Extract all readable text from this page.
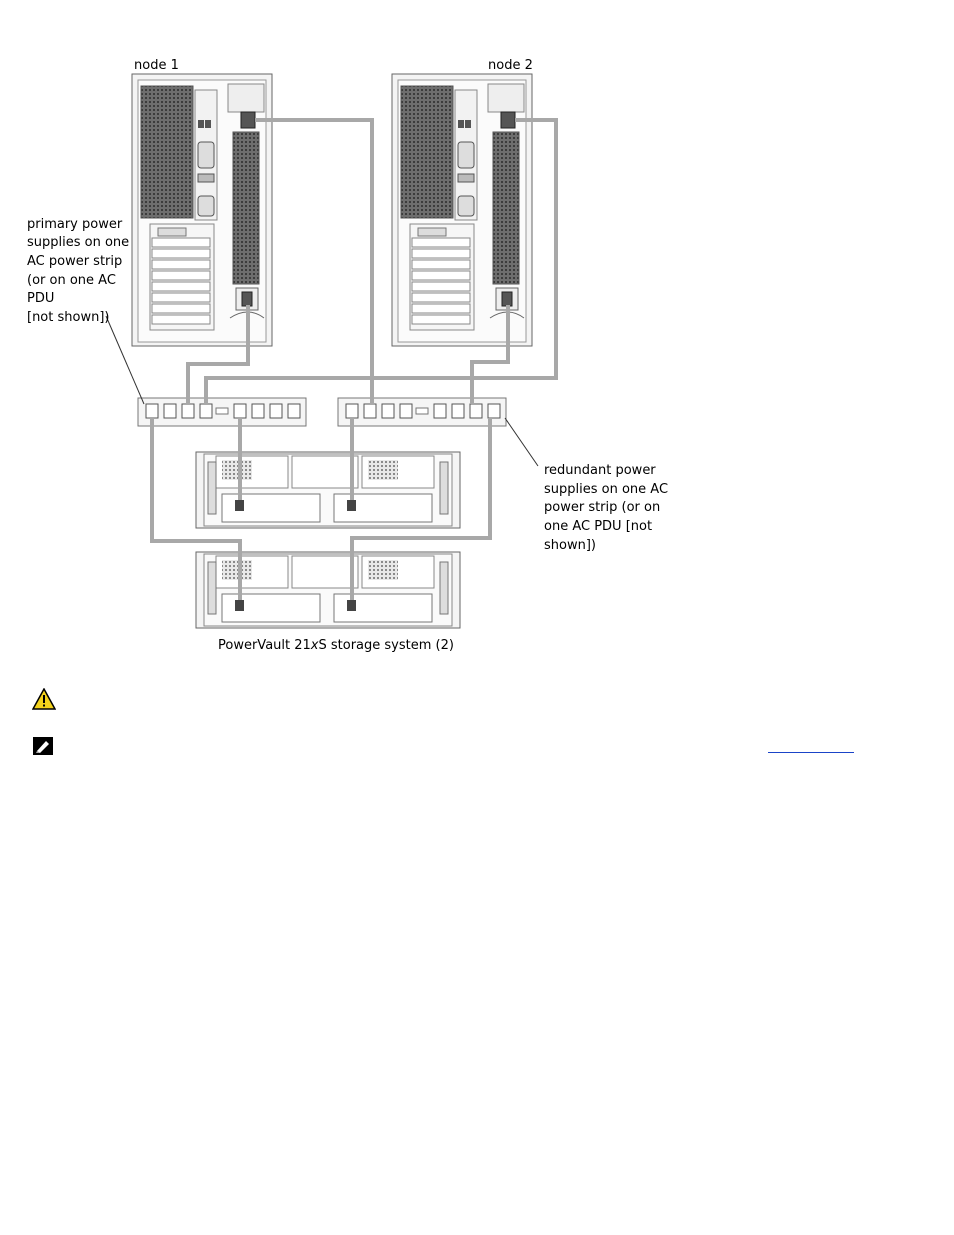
node 1	node 2
primary power
supplies on one
AC power strip
(or on one AC
PDU
[not shown])
redundant power
supplies on one AC
power strip (or on
one AC PDU [not
shown])
PowerVault 21xS storage system (2)
